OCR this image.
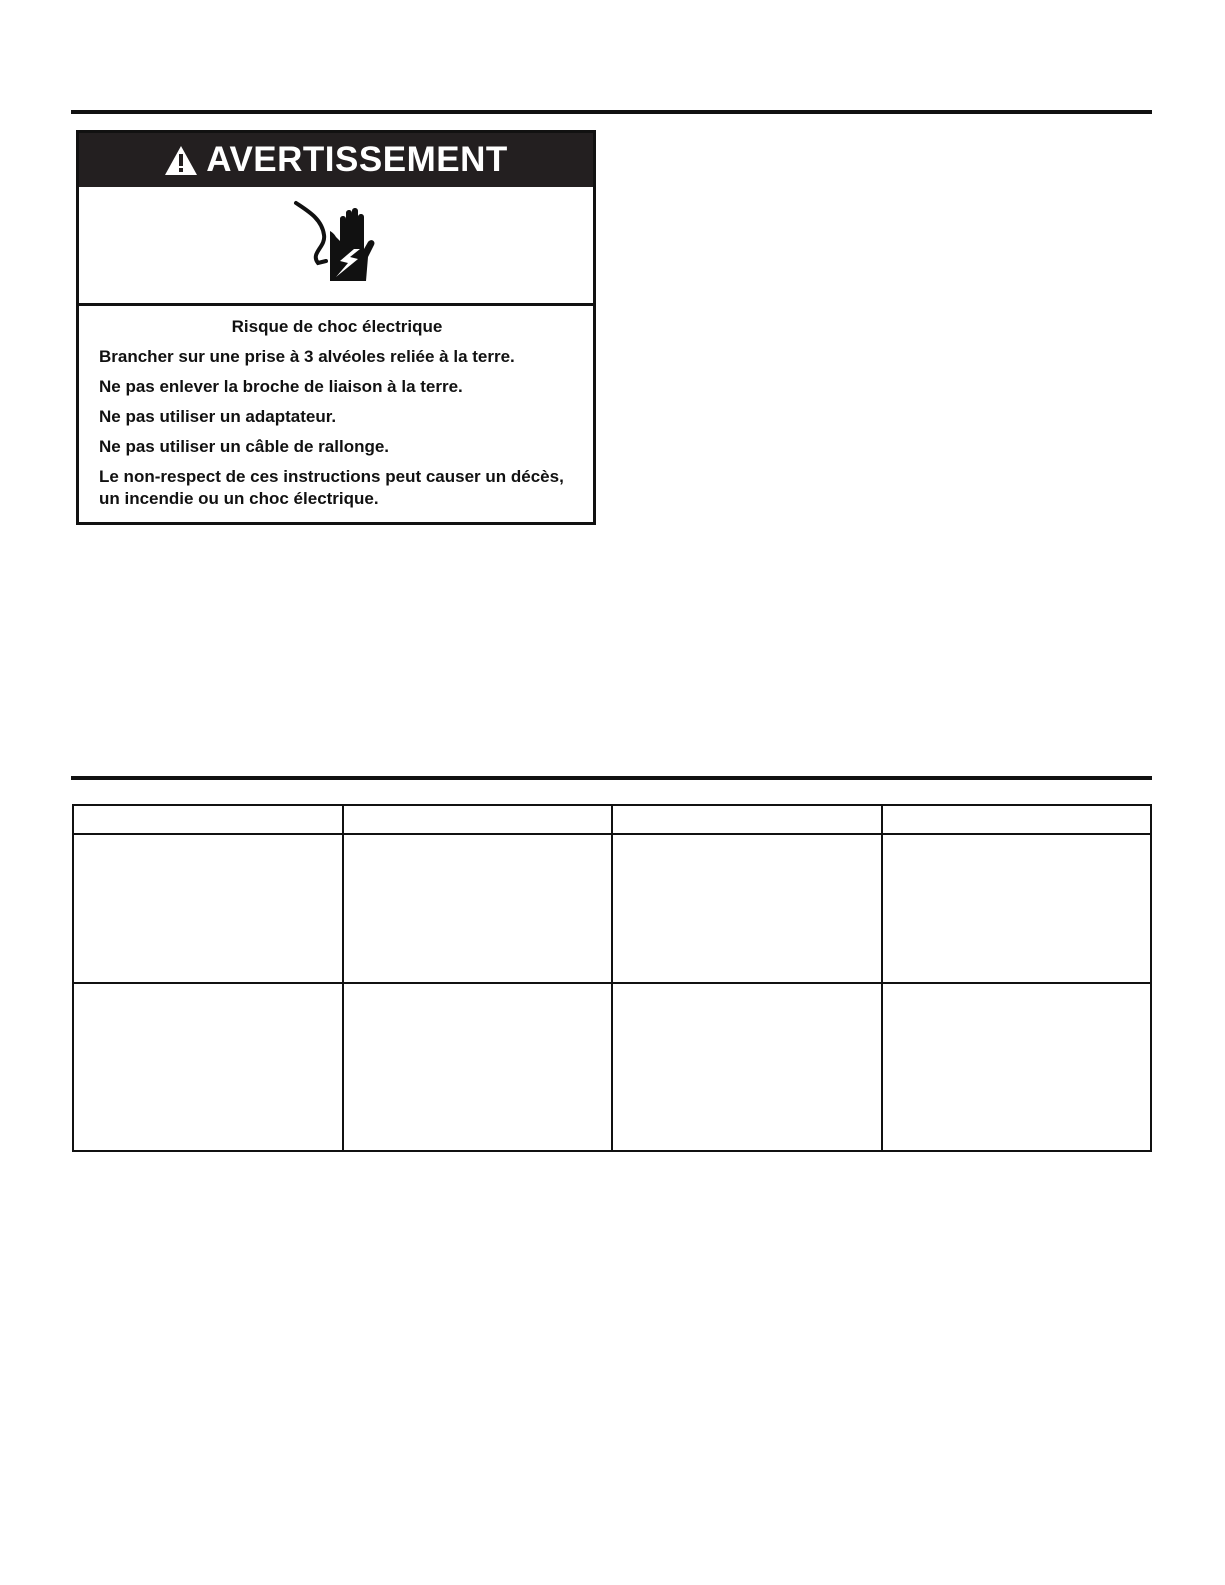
AVERTISSEMENT
Risque de choc électrique
Brancher sur une prise à 3 alvéoles reliée à la terre.
Ne pas enlever la broche de liaison à la terre.
Ne pas utiliser un adaptateur.
Ne pas utiliser un câble de rallonge.
Le non-respect de ces instructions peut causer un décès, un incendie ou un choc électrique.
